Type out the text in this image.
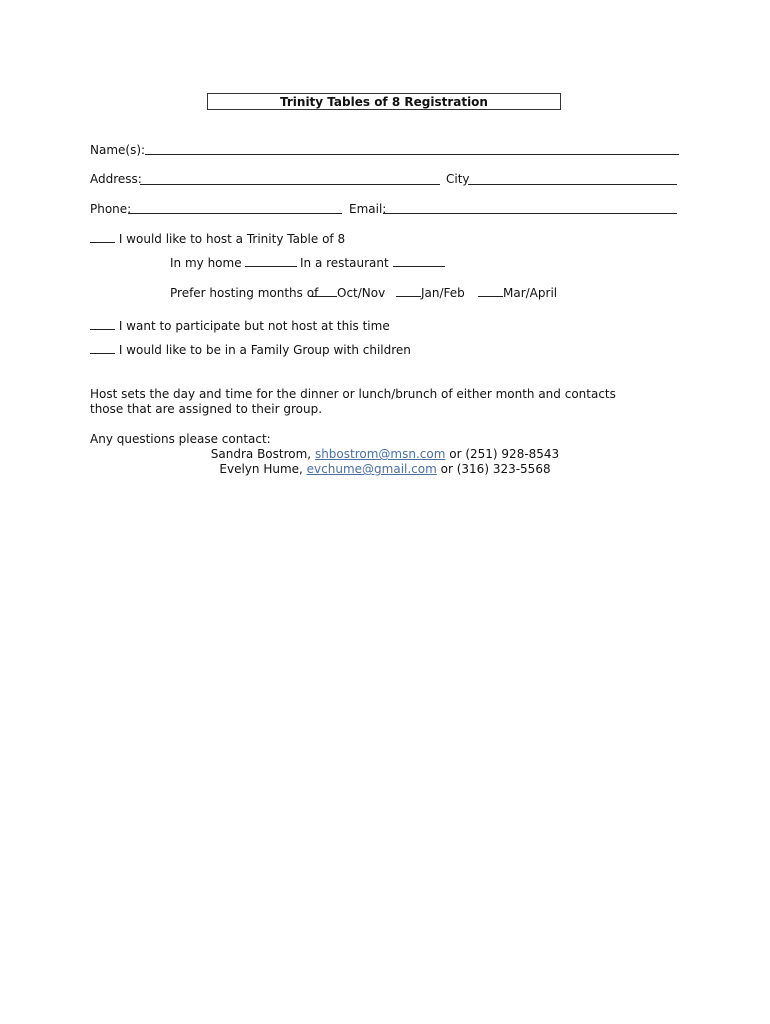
Trinity Tables of 8 Registration
Name(s):
Address:	City
Phone:	Email:
I would like to host a Trinity Table of 8
In my home	In a restaurant
Prefer hosting months of	Oct/Nov	Jan/Feb	Mar/April
I want to participate but not host at this time
I would like to be in a Family Group with children
Host sets the day and time for the dinner or lunch/brunch of either month and contacts those that are assigned to their group.
Any questions please contact:
Sandra Bostrom, shbostrom@msn.com or (251) 928-8543
Evelyn Hume, evchume@gmail.com or (316) 323-5568
